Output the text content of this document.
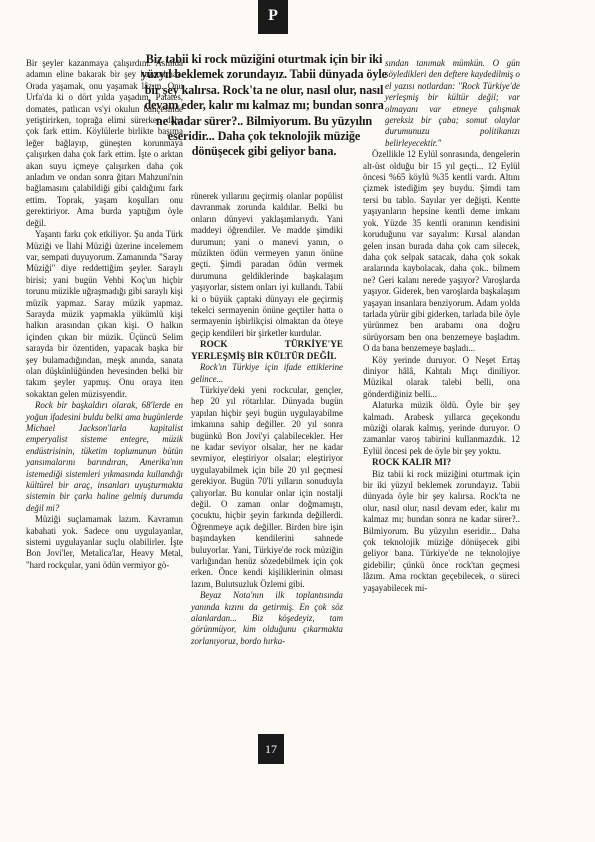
P
Biz tabii ki rock müziğini oturtmak için bir iki yüzyıl beklemek zorundayız. Tabii dünyada öyle bir şey kalırsa. Rock'ta ne olur, nasıl olur, nasıl devam eder, kalır mı kalmaz mı; bundan sonra ne kadar sürer?.. Bilmiyorum. Bu yüzyılın eseridir... Daha çok teknolojik müziğe dönüşecek gibi geliyor bana.

Bir şeyler kazanmaya çalışırdım. Aslında adamın eline bakarak bir şey kazanılmaz. Orada yaşamak, onu yaşamak lâzım. Onu Urfa'da ki o dört yılda yaşadım. Patates, domates, patlıcan vs'yi okulun bahçesinde yetiştirirken, toprağa elimi sürerken daha çok fark ettim. Köylülerle birlikte başıma leğer bağlayıp, güneşten korunmaya çalışırken daha çok fark ettim. İşte o arktan akan suyu içmeye çalışırken daha çok anladım ve ondan sonra ğitarı Mahzuni'nin bağlamasını çalabildiği gibi çaldığımı fark ettim. Toprak, yaşam koşulları onu gerektiriyor. Ama burda yaptığım öyle değil.

Yaşantı farkı çok etkiliyor. Şu anda Türk Müziği ve İlahi Müziği üzerine incelemem var, sempati duyuyorum. Zamanında "Saray Müziği" diye reddettiğim şeyler. Saraylı birisi; yani bugün Vehbi Koç'un hiçbir torunu müzikle uğraşmadığı gibi saraylı kişi müzik yapmaz. Saray müzik yapmaz. Sarayda müzik yapmakla yükümlü kişi halkın arasından çıkan kişi. O halkın içinden çıkan bir müzik. Üçüncü Selim sarayda bir özentiden, yapacak başka bir şey bulamadığından, meşk anında, sanata olan düşkünlüğünden hevesinden belki bir takım şeyler yapmış. Onu oraya iten sokaktan gelen müzisyendir.

Rock bir başkaldırı olarak, 68'lerde en yoğun ifadesini buldu belki ama bugünlerde Michael Jackson'larla kapitalist emperyalist sisteme entegre, müzik endüstrisinin, tüketim toplumunun bütün yansımalarını barındıran, Amerika'nın istemediği sistemleri yıkmasında kullandığı kültürel bir araç, insanları uyuşturmakta sistemin bir çarkı haline gelmiş durumda değil mi?

Müziği suçlamamak lazım. Kavramın kabahati yok. Sadece onu uygulayanlar, sistemi uygulayanlar suçlu olabilirler. İşte Bon Jovi'ler, Metalica'lar, Heavy Metal, "hard rockçular, yani ödün vermiyor gö-

rünerek yıllarını geçirmiş olanlar popülist davranmak zorunda kaldılar. Belki bu onların dünyevi yaklaşımlarıydı. Yani maddeyi öğrendiler. Ve madde şimdiki durumun; yani o manevi yanın, o müzikten ödün vermeyen yanın önüne geçti. Şimdi paradan ödün vermek durumuna geldiklerinde başkalaşım yaşıyorlar, sistem onları iyi kullandı. Tabii ki o büyük çaptaki dünyayı ele geçirmiş tekelci sermayenin önüne geçtiler hatta o sermayenin işbirlikçisi olmaktan da öteye geçip kendileri bir şirketler kurdular.

ROCK TÜRKİYE'YE YERLEŞMİŞ BİR KÜLTÜR DEĞİL

Rock'ın Türkiye için ifade ettiklerine gelince...

Türkiye'deki yeni rockcular, gençler, hep 20 yıl rötarlılar. Dünyada bugün yapılan hiçbir şeyi bugün uygulayabilme imkanına sahip değiller. 20 yıl sonra bugünkü Bon Jovi'yi çalabilecekler. Her ne kadar seviyor olsalar, her ne kadar sevmiyor, eleştiriyor olsalar; eleştiriyor uygulayabilmek için bile 20 yıl geçmesi gerekiyor. Bugün 70'li yılların sonuduyla çalıyorlar. Bu konular onlar için nostalji değil. O zaman onlar doğmamıştı, çocuktu, hiçbir şeyin farkında değillerdi. Öğrenmeye açık değiller. Birden bire işin başındayken kendilerini sahnede buluyorlar. Yani, Türkiye'de rock müziğin varlığından henüz sözedebilmek için çok erken. Önce kendi kişiliklerinin olması lazım, Bulutsuzluk Özlemi gibi.

Beyaz Nota'nın ilk toplantısında yanında kızını da getirmiş. En çok söz alanlardan... Biz köşedeyiz, tam görünmüyor, kim olduğunu çıkarmakta zorlanıyoruz, bordo hırka-

sından tanımak mümkün. O gün söyledikleri den deftere kaydedilmiş o el yazısı notlardan: "Rock Türkiye'de yerleşmiş bir kültür değil; var olmayanı var etmeye çalışmak gereksiz bir çaba; somut olaylar durumunuzu politikanızı belirleyecektir."

Özellikle 12 Eylül sonrasında, dengelerin alt-üst olduğu bir 15 yıl geçti... 12 Eylül öncesi %65 köylü %35 kentli vardı. Altını çizmek istediğim şey buydu. Şimdi tam tersi bu tablo. Sayılar yer değişti. Kentte yaşıyanların hepsine kentli deme imkanı yok. Yüzde 35 kentli oranının kendisini koruduğunu var sayalım: Kırsal alandan gelen insan burada daha çok cam silecek, daha çok selpak satacak, daha çok sokak aralarında kaybolacak, daha çok.. bilmem ne? Geri kalanı nerede yaşıyor? Varoşlarda yaşıyor. Giderek, ben varoşlarda başkalaşım yaşayan insanlara benziyorum. Adam yolda tarlada yürür gibi giderken, tarlada bile öyle yürünmez ben arabamı ona doğru sürüyorsam ben ona benzemeye başladım. O da bana benzemeye başladı...

Köy yerinde duruyor. O Neşet Ertaş diniyor hâlâ, Kahtalı Mıçı diniliyor. Müzikal olarak talebi belli, ona gönderdiğiniz belli...

Alaturka müzik öldü. Öyle bir şey kalmadı. Arabesk yıllarca geçekondu müziği olarak kalmış, yerinde duruyor. O zamanlar varoş tabirini kullanmazdık. 12 Eylül öncesi pek de öyle bir şey yoktu.

ROCK KALIR MI?

Biz tabii ki rock müziğini oturtmak için bir iki yüzyıl beklemek zorundayız. Tabii dünyada öyle bir şey kalırsa. Rock'ta ne olur, nasıl olur, nasıl devam eder, kalır mı kalmaz mı; bundan sonra ne kadar sürer?.. Bilmiyorum. Bu yüzyılın eseridir... Daha çok teknolojik müziğe dönüşecek gibi geliyor bana. Türkiye'de ne teknolojiye gidebilir; çünkü önce rock'tan geçmesi lâzım. Ama rocktan geçebilecek, o süreci yaşayabilecek mi-

17
